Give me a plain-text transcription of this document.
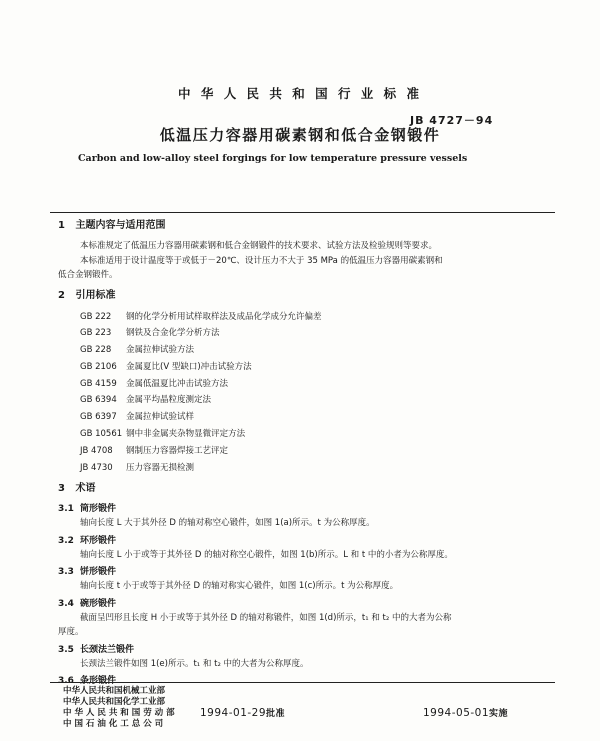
中 华 人 民 共 和 国 行 业 标 准
JB 4727－94
低温压力容器用碳素钢和低合金钢锻件
Carbon and low-alloy steel forgings for low temperature pressure vessels
1 主题内容与适用范围
本标准规定了低温压力容器用碳素钢和低合金钢锻件的技术要求、试验方法及检验规则等要求。
本标准适用于设计温度等于或低于－20℃、设计压力不大于 35 MPa 的低温压力容器用碳素钢和
低合金钢锻件。
2 引用标准
GB 222 钢的化学分析用试样取样法及成品化学成分允许偏差
GB 223 钢铁及合金化学分析方法
GB 228 金属拉伸试验方法
GB 2106 金属夏比(V 型缺口)冲击试验方法
GB 4159 金属低温夏比冲击试验方法
GB 6394 金属平均晶粒度测定法
GB 6397 金属拉伸试验试样
GB 10561 钢中非金属夹杂物显微评定方法
JB 4708 钢制压力容器焊接工艺评定
JB 4730 压力容器无损检测
3 术语
3.1 筒形锻件
轴向长度 L 大于其外径 D 的轴对称空心锻件，如图 1(a)所示。t 为公称厚度。
3.2 环形锻件
轴向长度 L 小于或等于其外径 D 的轴对称空心锻件，如图 1(b)所示。L 和 t 中的小者为公称厚度。
3.3 饼形锻件
轴向长度 t 小于或等于其外径 D 的轴对称实心锻件，如图 1(c)所示。t 为公称厚度。
3.4 碗形锻件
截面呈凹形且长度 H 小于或等于其外径 D 的轴对称锻件，如图 1(d)所示，t₁ 和 t₂ 中的大者为公称
厚度。
3.5 长颈法兰锻件
长颈法兰锻件如图 1(e)所示。t₁ 和 t₂ 中的大者为公称厚度。
3.6 条形锻件
中华人民共和国机械工业部
中华人民共和国化学工业部
中 华 人 民 共 和 国 劳 动 部
中 国 石 油 化 工 总 公 司
1994-01-29批准	1994-05-01实施
